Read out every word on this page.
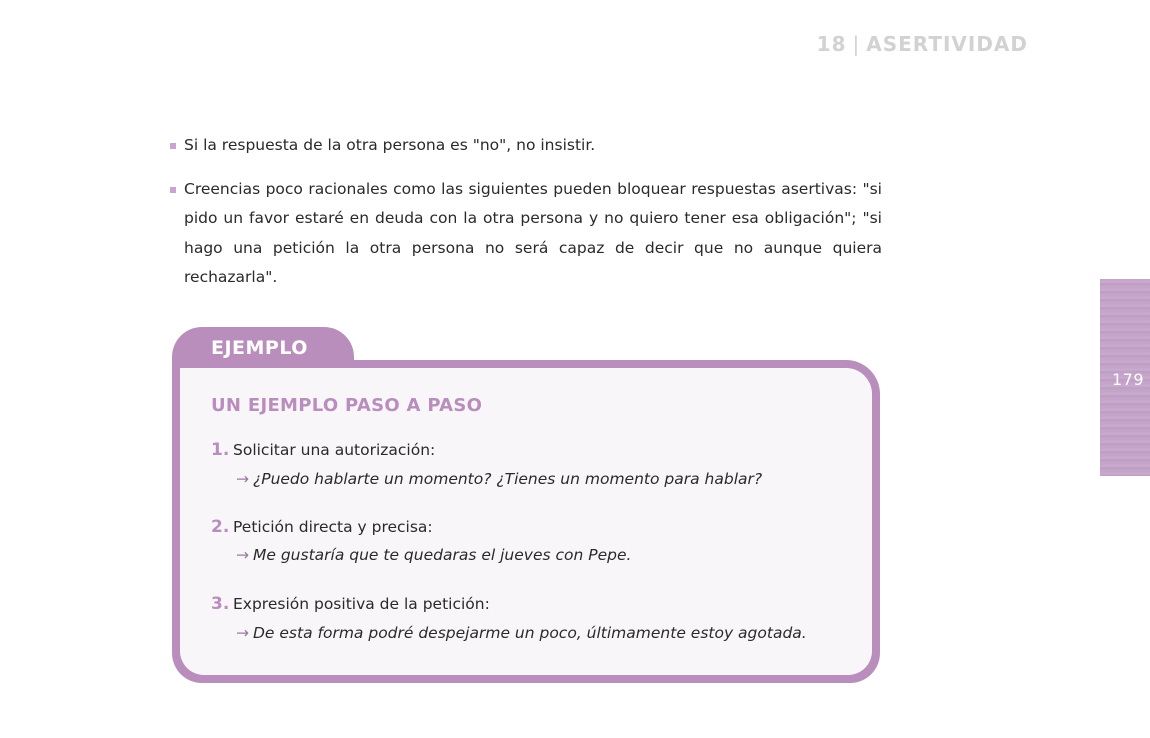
18 | ASERTIVIDAD
Si la respuesta de la otra persona es "no", no insistir.
Creencias poco racionales como las siguientes pueden bloquear respuestas asertivas: "si pido un favor estaré en deuda con la otra persona y no quiero tener esa obligación"; "si hago una petición la otra persona no será capaz de decir que no aunque quiera rechazarla".
EJEMPLO
UN EJEMPLO PASO A PASO
1. Solicitar una autorización:
→ ¿Puedo hablarte un momento? ¿Tienes un momento para hablar?
2. Petición directa y precisa:
→ Me gustaría que te quedaras el jueves con Pepe.
3. Expresión positiva de la petición:
→ De esta forma podré despejarme un poco, últimamente estoy agotada.
179
